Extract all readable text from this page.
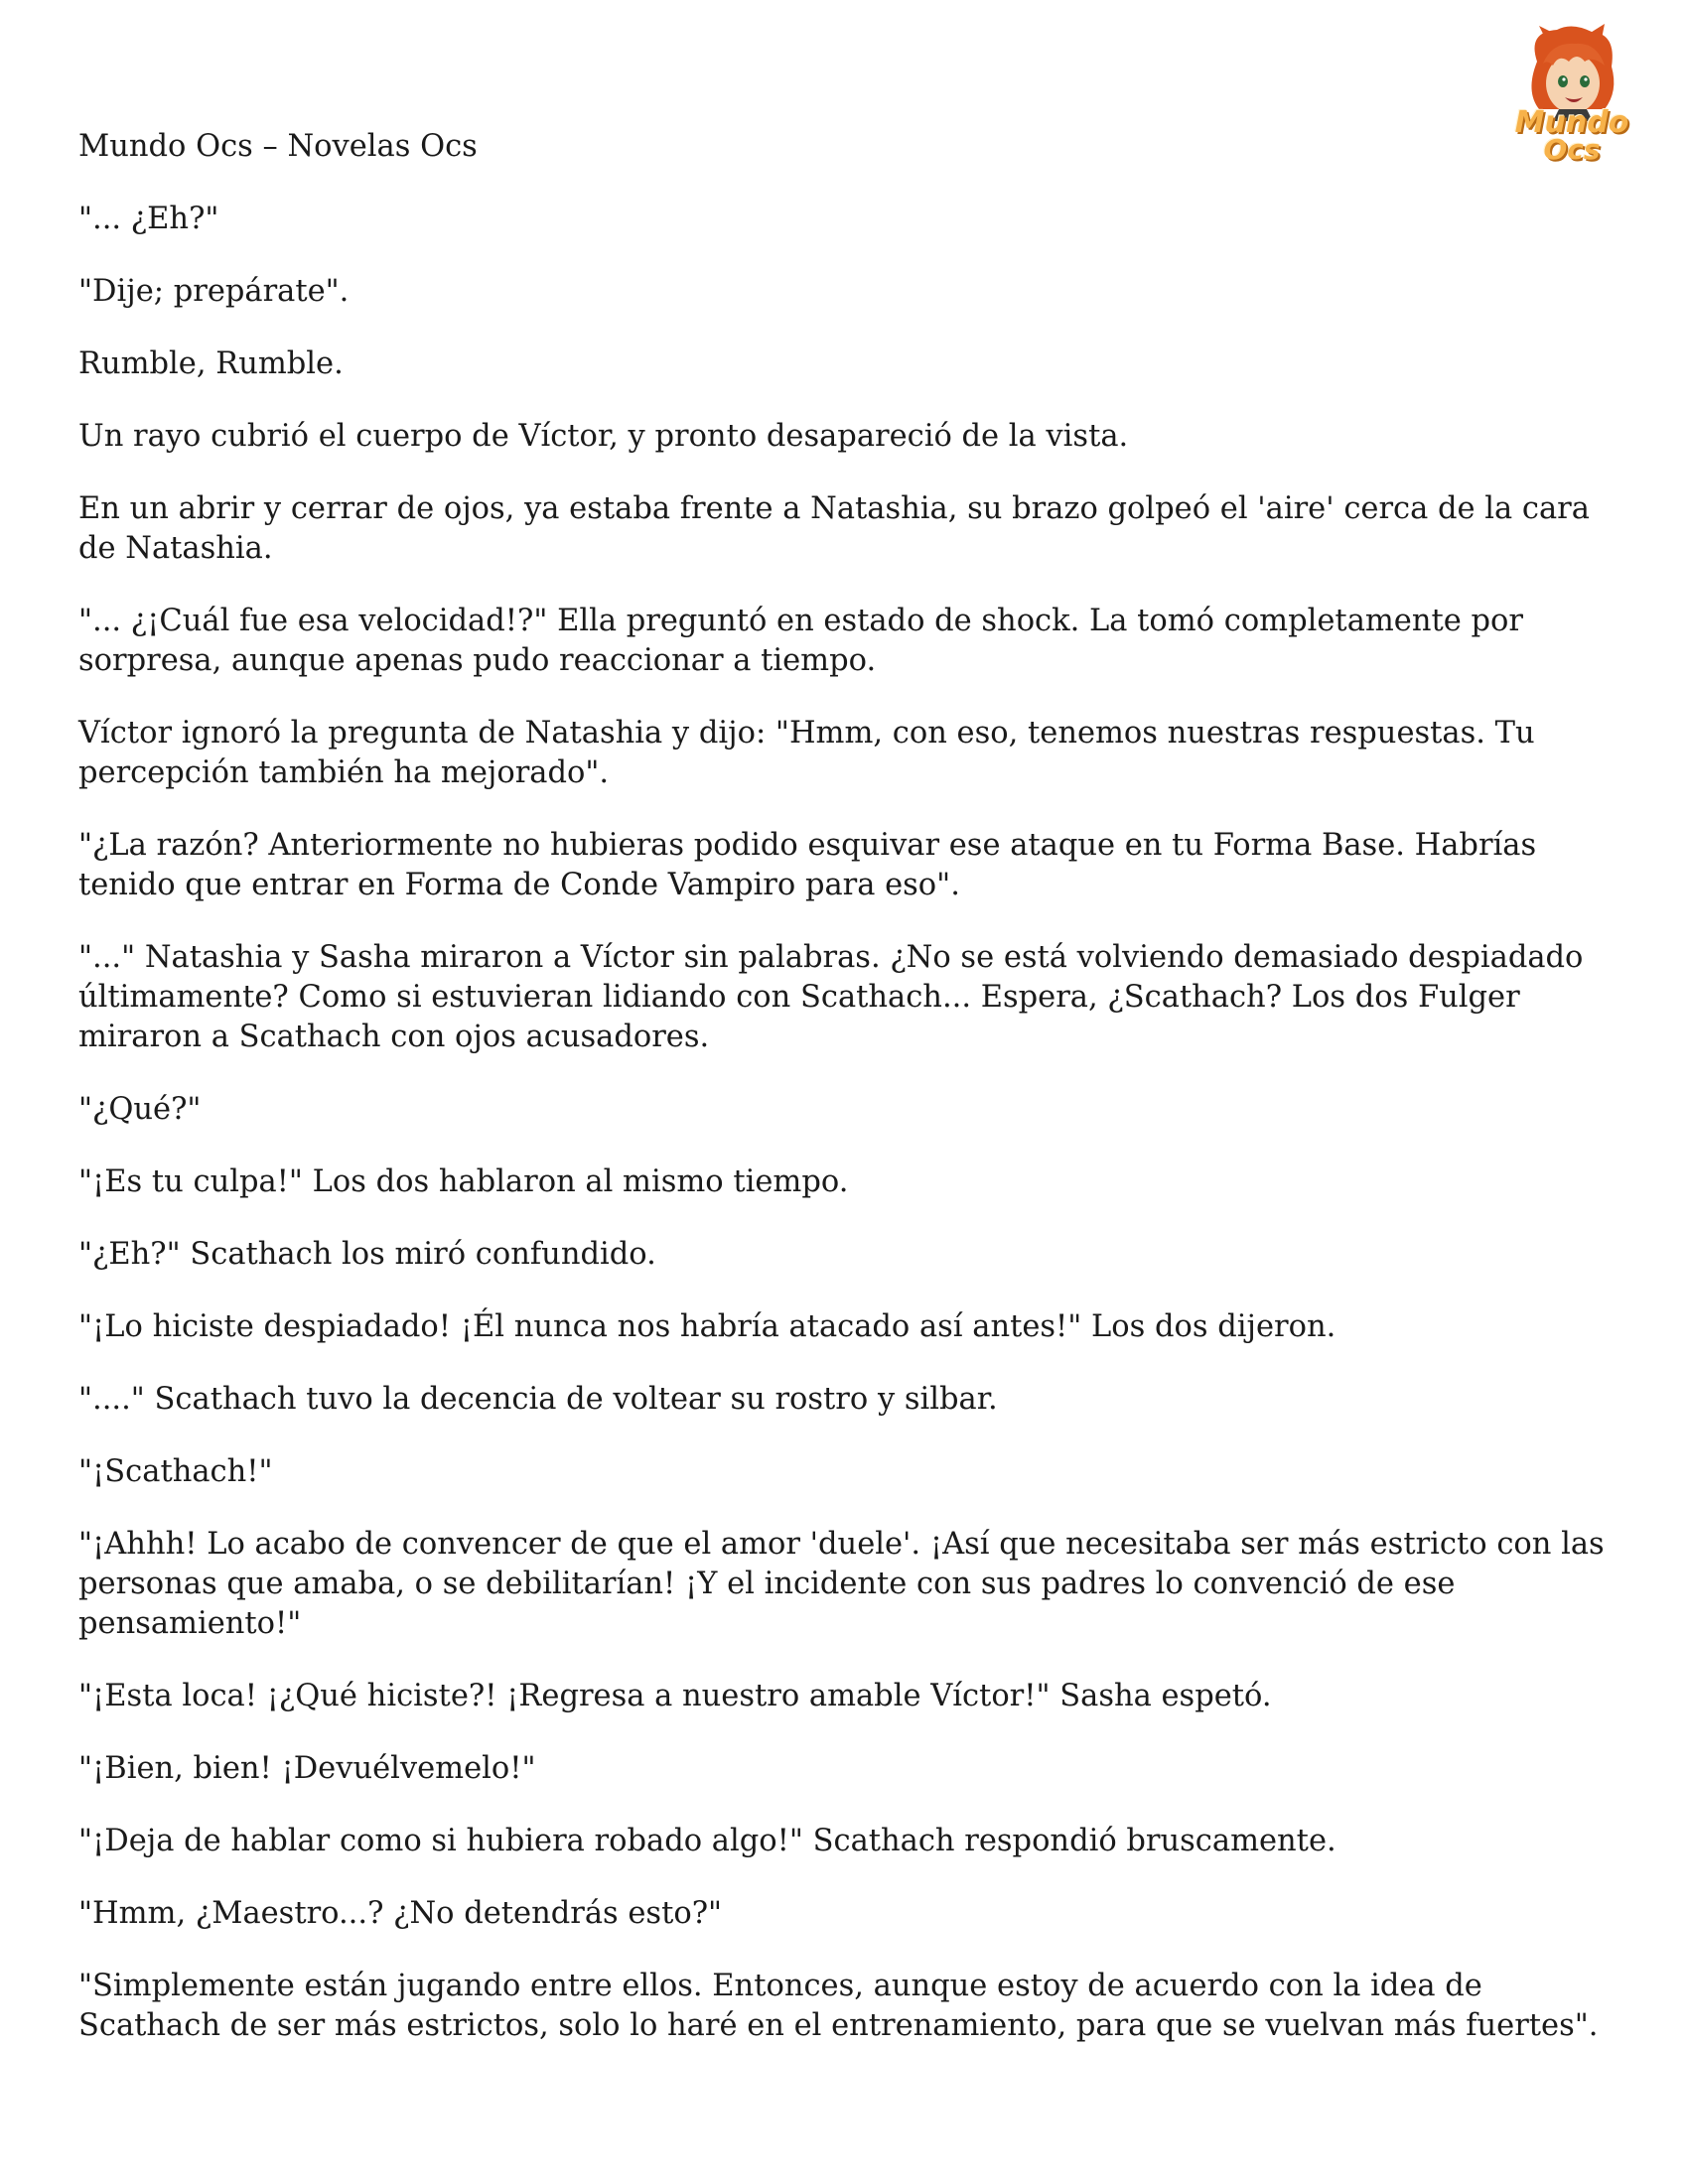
Mundo
Ocs

Mundo Ocs – Novelas Ocs

"... ¿Eh?"

"Dije; prepárate".

Rumble, Rumble.

Un rayo cubrió el cuerpo de Víctor, y pronto desapareció de la vista.

En un abrir y cerrar de ojos, ya estaba frente a Natashia, su brazo golpeó el 'aire' cerca de la cara de Natashia.

"... ¿¡Cuál fue esa velocidad!?" Ella preguntó en estado de shock. La tomó completamente por sorpresa, aunque apenas pudo reaccionar a tiempo.

Víctor ignoró la pregunta de Natashia y dijo: "Hmm, con eso, tenemos nuestras respuestas. Tu percepción también ha mejorado".

"¿La razón? Anteriormente no hubieras podido esquivar ese ataque en tu Forma Base. Habrías tenido que entrar en Forma de Conde Vampiro para eso".

"..." Natashia y Sasha miraron a Víctor sin palabras. ¿No se está volviendo demasiado despiadado últimamente? Como si estuvieran lidiando con Scathach... Espera, ¿Scathach? Los dos Fulger miraron a Scathach con ojos acusadores.

"¿Qué?"

"¡Es tu culpa!" Los dos hablaron al mismo tiempo.

"¿Eh?" Scathach los miró confundido.

"¡Lo hiciste despiadado! ¡Él nunca nos habría atacado así antes!" Los dos dijeron.

"...." Scathach tuvo la decencia de voltear su rostro y silbar.

"¡Scathach!"

"¡Ahhh! Lo acabo de convencer de que el amor 'duele'. ¡Así que necesitaba ser más estricto con las personas que amaba, o se debilitarían! ¡Y el incidente con sus padres lo convenció de ese pensamiento!"

"¡Esta loca! ¡¿Qué hiciste?! ¡Regresa a nuestro amable Víctor!" Sasha espetó.

"¡Bien, bien! ¡Devuélvemelo!"

"¡Deja de hablar como si hubiera robado algo!" Scathach respondió bruscamente.

"Hmm, ¿Maestro...? ¿No detendrás esto?"

"Simplemente están jugando entre ellos. Entonces, aunque estoy de acuerdo con la idea de Scathach de ser más estrictos, solo lo haré en el entrenamiento, para que se vuelvan más fuertes".
